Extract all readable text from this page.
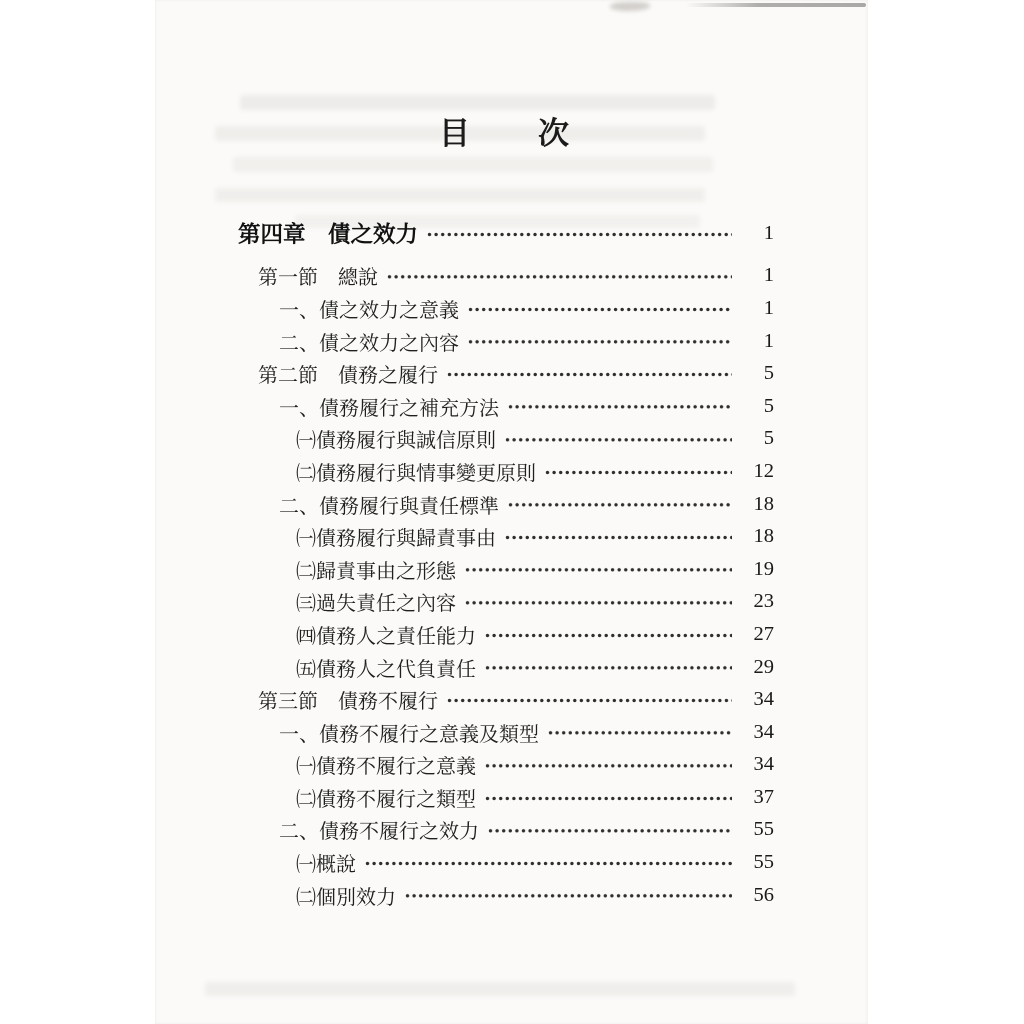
目　　次
第四章　債之效力	1
第一節　總說	1
一、債之效力之意義	1
二、債之效力之內容	1
第二節　債務之履行	5
一、債務履行之補充方法	5
㈠債務履行與誠信原則	5
㈡債務履行與情事變更原則	12
二、債務履行與責任標準	18
㈠債務履行與歸責事由	18
㈡歸責事由之形態	19
㈢過失責任之內容	23
㈣債務人之責任能力	27
㈤債務人之代負責任	29
第三節　債務不履行	34
一、債務不履行之意義及類型	34
㈠債務不履行之意義	34
㈡債務不履行之類型	37
二、債務不履行之效力	55
㈠概說	55
㈡個別效力	56
